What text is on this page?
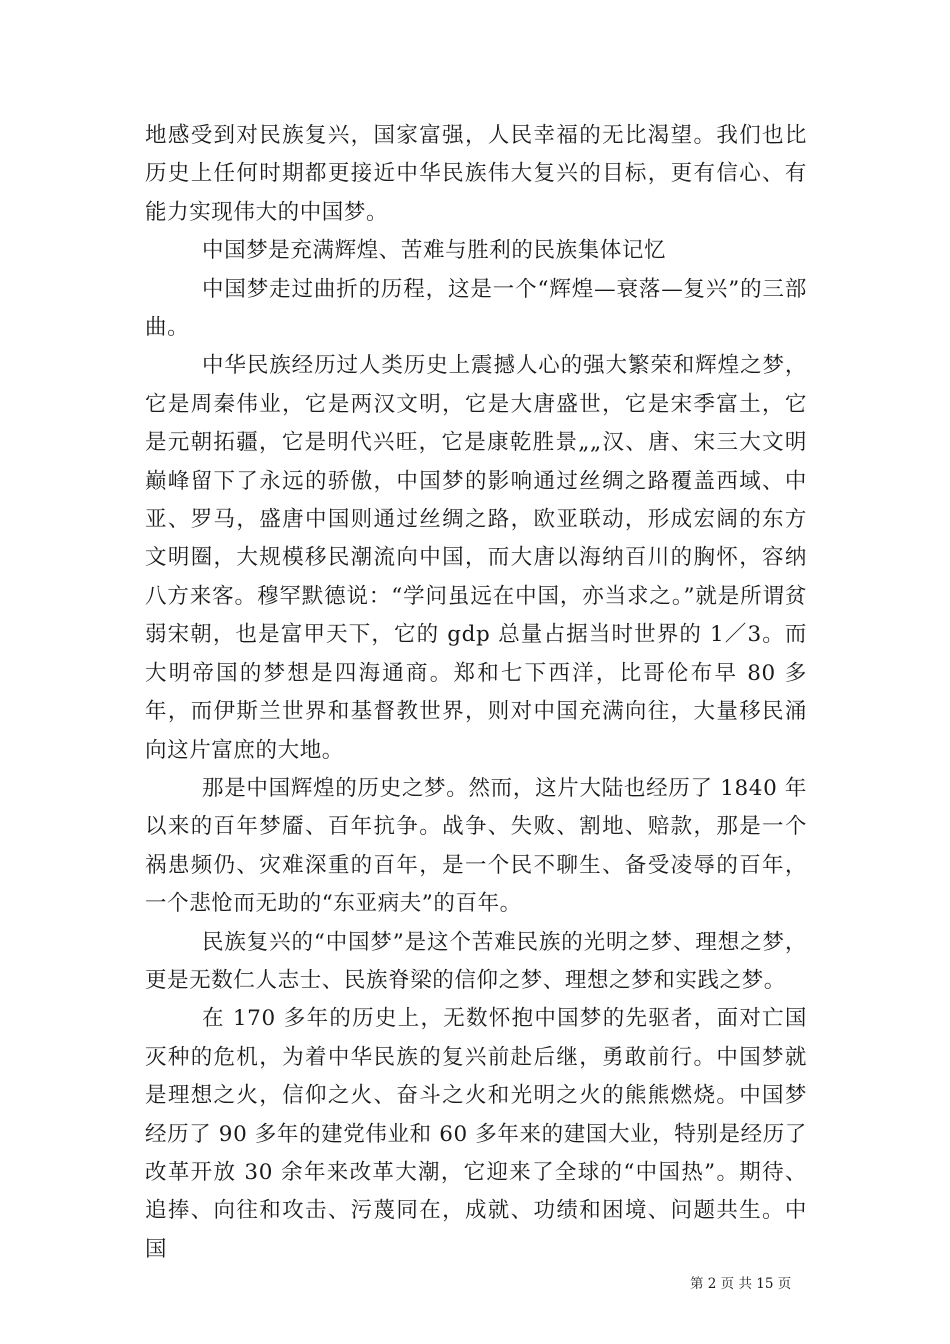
地感受到对民族复兴，国家富强，人民幸福的无比渴望。我们也比历史上任何时期都更接近中华民族伟大复兴的目标，更有信心、有能力实现伟大的中国梦。

中国梦是充满辉煌、苦难与胜利的民族集体记忆

中国梦走过曲折的历程，这是一个“辉煌—衰落—复兴”的三部曲。

中华民族经历过人类历史上震撼人心的强大繁荣和辉煌之梦，它是周秦伟业，它是两汉文明，它是大唐盛世，它是宋季富土，它是元朝拓疆，它是明代兴旺，它是康乾胜景„„汉、唐、宋三大文明巅峰留下了永远的骄傲，中国梦的影响通过丝绸之路覆盖西域、中亚、罗马，盛唐中国则通过丝绸之路，欧亚联动，形成宏阔的东方文明圈，大规模移民潮流向中国，而大唐以海纳百川的胸怀，容纳八方来客。穆罕默德说：“学问虽远在中国，亦当求之。”就是所谓贫弱宋朝，也是富甲天下，它的 gdp 总量占据当时世界的 1／3。而大明帝国的梦想是四海通商。郑和七下西洋，比哥伦布早 80 多年，而伊斯兰世界和基督教世界，则对中国充满向往，大量移民涌向这片富庶的大地。

那是中国辉煌的历史之梦。然而，这片大陆也经历了 1840 年以来的百年梦靥、百年抗争。战争、失败、割地、赔款，那是一个祸患频仍、灾难深重的百年，是一个民不聊生、备受凌辱的百年，一个悲怆而无助的“东亚病夫”的百年。

民族复兴的“中国梦”是这个苦难民族的光明之梦、理想之梦，更是无数仁人志士、民族脊梁的信仰之梦、理想之梦和实践之梦。

在 170 多年的历史上，无数怀抱中国梦的先驱者，面对亡国灭种的危机，为着中华民族的复兴前赴后继，勇敢前行。中国梦就是理想之火，信仰之火、奋斗之火和光明之火的熊熊燃烧。中国梦经历了 90 多年的建党伟业和 60 多年来的建国大业，特别是经历了改革开放 30 余年来改革大潮，它迎来了全球的“中国热”。期待、追捧、向往和攻击、污蔑同在，成就、功绩和困境、问题共生。中国

第 2 页 共 15 页
